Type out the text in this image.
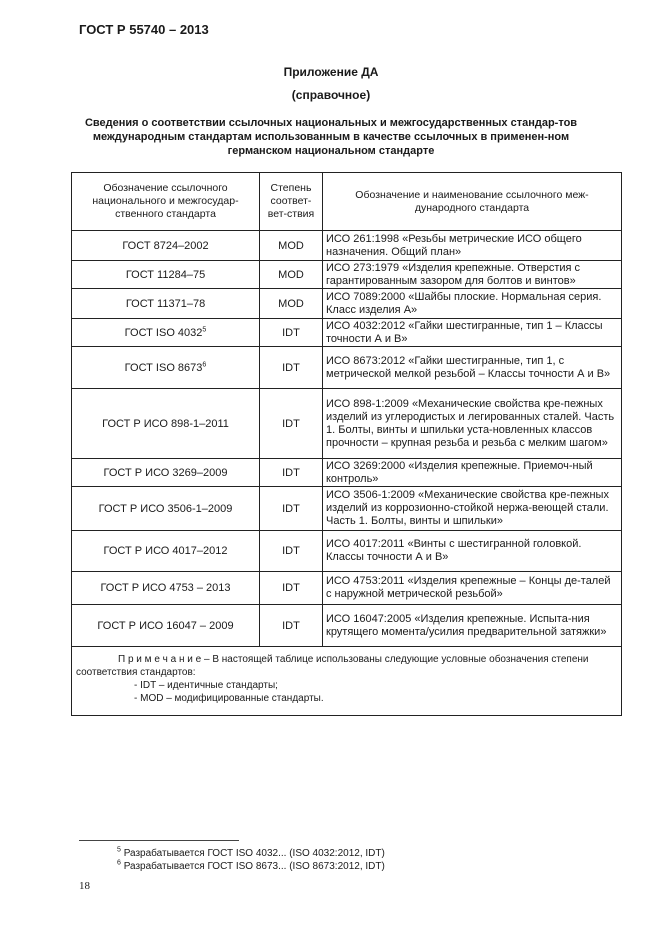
ГОСТ Р 55740 – 2013
Приложение ДА
(справочное)
Сведения о соответствии ссылочных национальных и межгосударственных стандар-тов международным стандартам использованным в качестве ссылочных в применен-ном германском национальном стандарте
Обозначение ссылочного национального и межгосудар-ственного стандарта	Степень соответ-вет-ствия	Обозначение и наименование ссылочного меж-дународного стандарта
ГОСТ 8724–2002	MOD	ИСО 261:1998 «Резьбы метрические ИСО общего назначения. Общий план»
ГОСТ 11284–75	MOD	ИСО 273:1979 «Изделия крепежные. Отверстия с гарантированным зазором для болтов и винтов»
ГОСТ 11371–78	MOD	ИСО 7089:2000 «Шайбы плоские. Нормальная серия. Класс изделия А»
ГОСТ ISO 4032$^5$	IDT	ИСО 4032:2012 «Гайки шестигранные, тип 1 – Классы точности А и В»
ГОСТ ISO 8673$^6$	IDT	ИСО 8673:2012 «Гайки шестигранные, тип 1, с метрической мелкой резьбой – Классы точности А и В»
ГОСТ Р ИСО 898-1–2011	IDT	ИСО 898-1:2009 «Механические свойства кре-пежных изделий из углеродистых и легированных сталей. Часть 1. Болты, винты и шпильки уста-новленных классов прочности – крупная резьба и резьба с мелким шагом»
ГОСТ Р ИСО 3269–2009	IDT	ИСО 3269:2000 «Изделия крепежные. Приемоч-ный контроль»
ГОСТ Р ИСО 3506-1–2009	IDT	ИСО 3506-1:2009 «Механические свойства кре-пежных изделий из коррозионно-стойкой нержа-веющей стали. Часть 1. Болты, винты и шпильки»
ГОСТ Р ИСО 4017–2012	IDT	ИСО 4017:2011 «Винты с шестигранной головкой. Классы точности А и В»
ГОСТ Р ИСО 4753 – 2013	IDT	ИСО 4753:2011 «Изделия крепежные – Концы де-талей с наружной метрической резьбой»
ГОСТ Р ИСО 16047 – 2009	IDT	ИСО 16047:2005 «Изделия крепежные. Испыта-ния крутящего момента/усилия предварительной затяжки»

П р и м е ч а н и е – В настоящей таблице использованы следующие условные обозначения степени соответствия стандартов:
- IDT – идентичные стандарты;
- MOD – модифицированные стандарты.		
$^5$ Разрабатывается ГОСТ ISO 4032... (ISO 4032:2012, IDT)
$^6$ Разрабатывается ГОСТ ISO 8673... (ISO 8673:2012, IDT)
18
